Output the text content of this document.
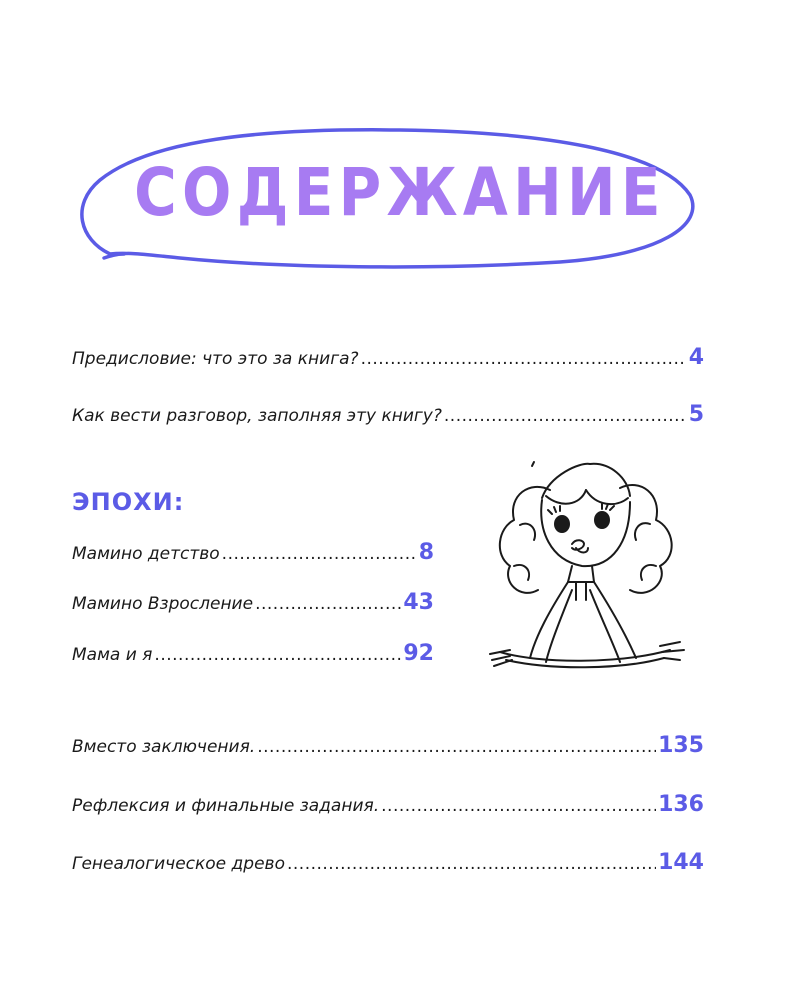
СОДЕРЖАНИЕ
Предисловие: что это за книга? .....	4
Как вести разговор, заполняя эту книгу? .....	5
ЭПОХИ:
Мамино детство .....	8
Мамино Взросление .....	43
Мама и я .....	92
Вместо заключения. .....	135
Рефлексия и финальные задания. .....	136
Генеалогическое древо .....	144
